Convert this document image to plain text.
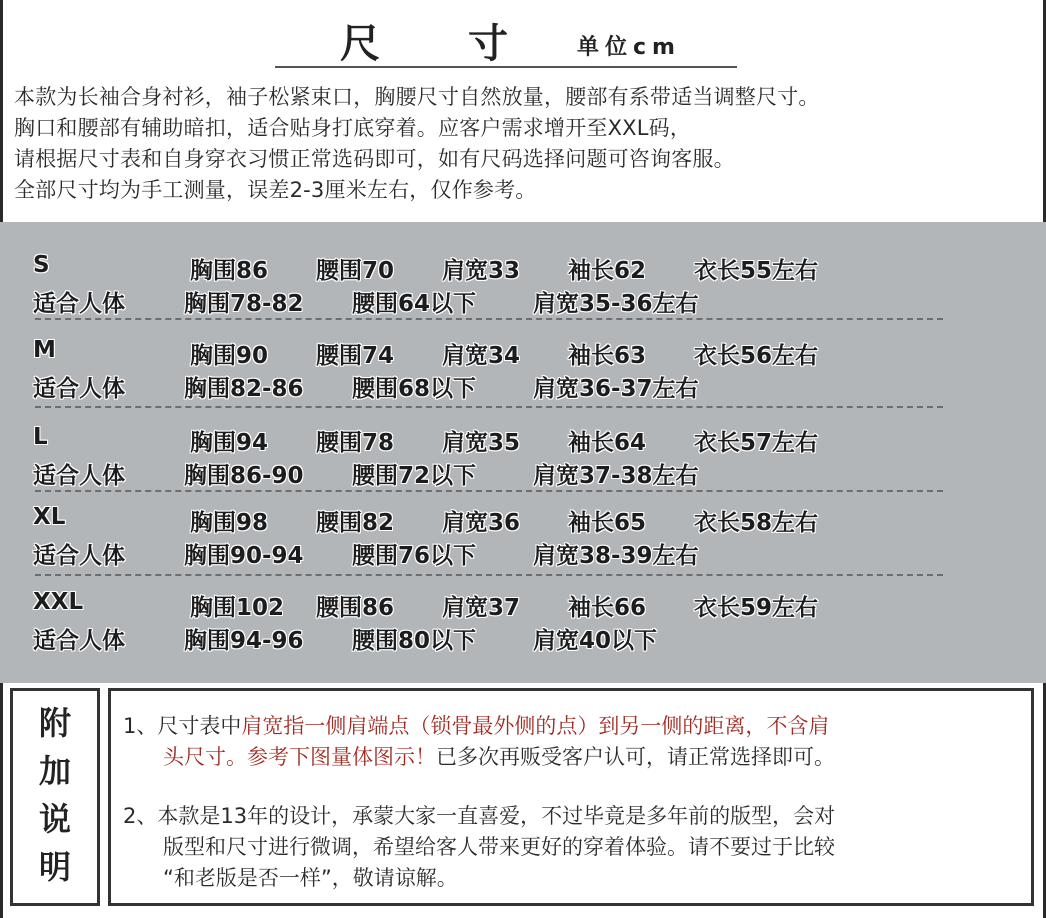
尺 寸	单位cm

本款为长袖合身衬衫，袖子松紧束口，胸腰尺寸自然放量，腰部有系带适当调整尺寸。

胸口和腰部有辅助暗扣，适合贴身打底穿着。应客户需求增开至XXL码，

请根据尺寸表和自身穿衣习惯正常选码即可，如有尺码选择问题可咨询客服。

全部尺寸均为手工测量，误差2-3厘米左右，仅作参考。

S	胸围86 腰围70 肩宽33 袖长62 衣长55左右
适合人体	胸围78-82 腰围64以下 肩宽35-36左右
M	胸围90 腰围74 肩宽34 袖长63 衣长56左右
适合人体	胸围82-86 腰围68以下 肩宽36-37左右
L	胸围94 腰围78 肩宽35 袖长64 衣长57左右
适合人体	胸围86-90 腰围72以下 肩宽37-38左右
XL	胸围98 腰围82 肩宽36 袖长65 衣长58左右
适合人体	胸围90-94 腰围76以下 肩宽38-39左右
XXL	胸围102 腰围86 肩宽37 袖长66 衣长59左右
适合人体	胸围94-96 腰围80以下 肩宽40以下
附
加
说
明
1、尺寸表中肩宽指一侧肩端点（锁骨最外侧的点）到另一侧的距离，不含肩
头尺寸。参考下图量体图示！已多次再贩受客户认可，请正常选择即可。
2、本款是13年的设计，承蒙大家一直喜爱，不过毕竟是多年前的版型，会对
版型和尺寸进行微调，希望给客人带来更好的穿着体验。请不要过于比较
“和老版是否一样”，敬请谅解。
